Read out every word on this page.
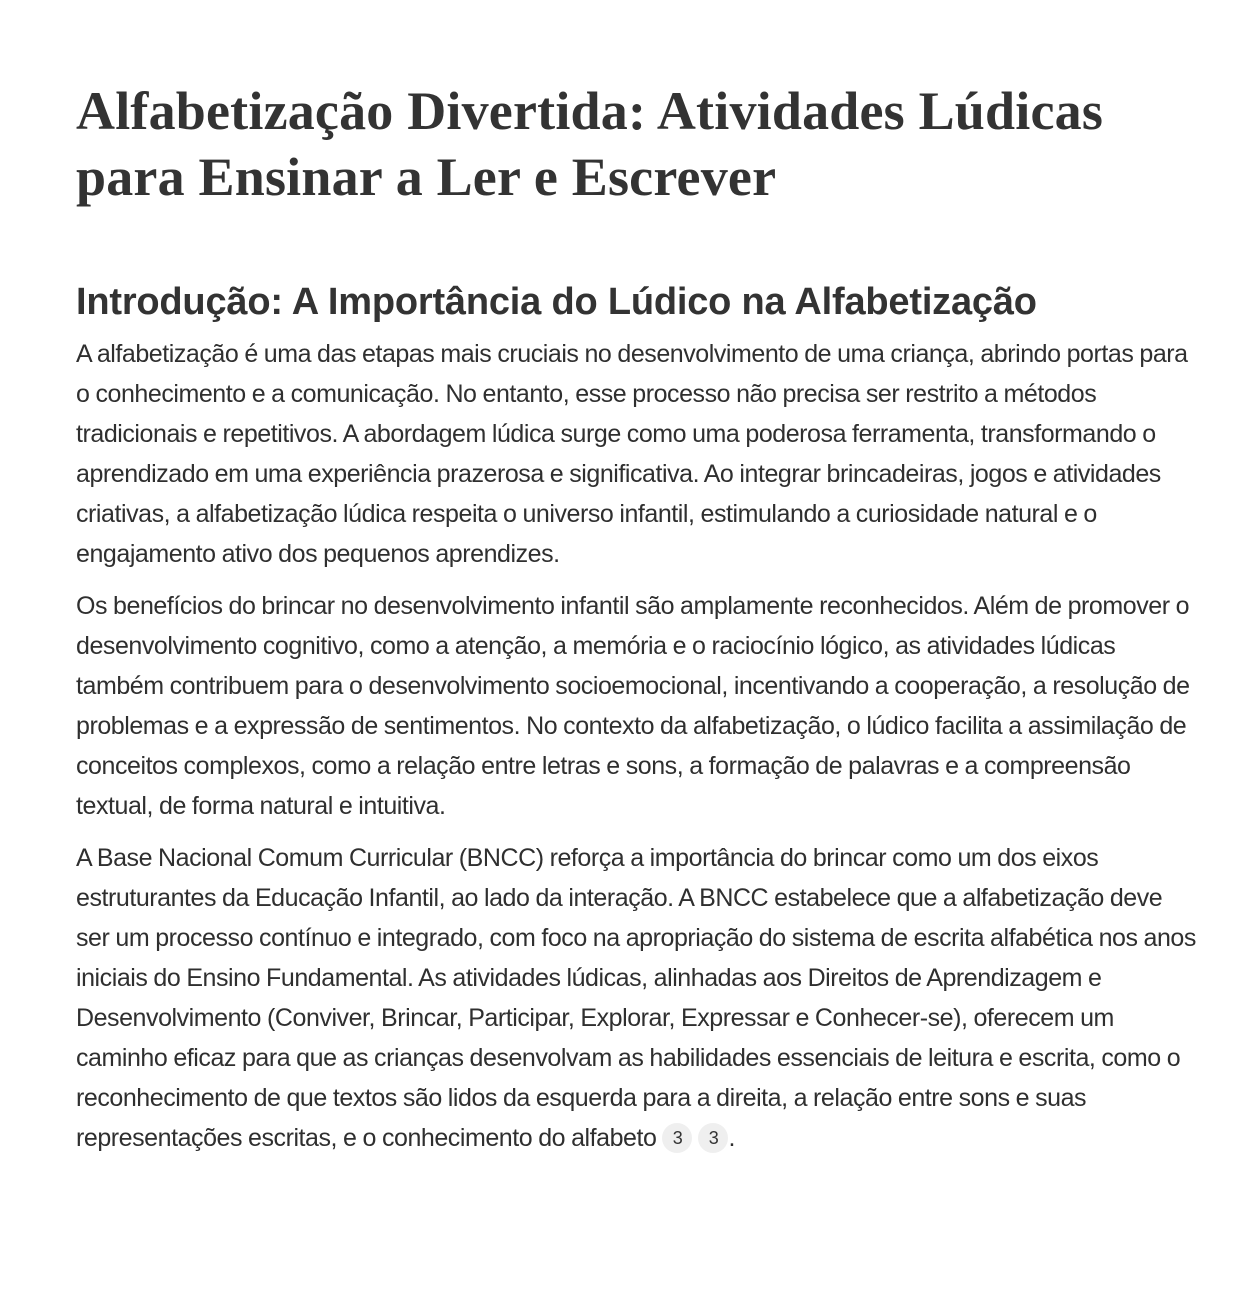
Alfabetização Divertida: Atividades Lúdicas para Ensinar a Ler e Escrever
Introdução: A Importância do Lúdico na Alfabetização

A alfabetização é uma das etapas mais cruciais no desenvolvimento de uma criança, abrindo portas para o conhecimento e a comunicação. No entanto, esse processo não precisa ser restrito a métodos tradicionais e repetitivos. A abordagem lúdica surge como uma poderosa ferramenta, transformando o aprendizado em uma experiência prazerosa e significativa. Ao integrar brincadeiras, jogos e atividades criativas, a alfabetização lúdica respeita o universo infantil, estimulando a curiosidade natural e o engajamento ativo dos pequenos aprendizes.

Os benefícios do brincar no desenvolvimento infantil são amplamente reconhecidos. Além de promover o desenvolvimento cognitivo, como a atenção, a memória e o raciocínio lógico, as atividades lúdicas também contribuem para o desenvolvimento socioemocional, incentivando a cooperação, a resolução de problemas e a expressão de sentimentos. No contexto da alfabetização, o lúdico facilita a assimilação de conceitos complexos, como a relação entre letras e sons, a formação de palavras e a compreensão textual, de forma natural e intuitiva.

A Base Nacional Comum Curricular (BNCC) reforça a importância do brincar como um dos eixos estruturantes da Educação Infantil, ao lado da interação. A BNCC estabelece que a alfabetização deve ser um processo contínuo e integrado, com foco na apropriação do sistema de escrita alfabética nos anos iniciais do Ensino Fundamental. As atividades lúdicas, alinhadas aos Direitos de Aprendizagem e Desenvolvimento (Conviver, Brincar, Participar, Explorar, Expressar e Conhecer-se), oferecem um caminho eficaz para que as crianças desenvolvam as habilidades essenciais de leitura e escrita, como o reconhecimento de que textos são lidos da esquerda para a direita, a relação entre sons e suas representações escritas, e o conhecimento do alfabeto 3 3 .
